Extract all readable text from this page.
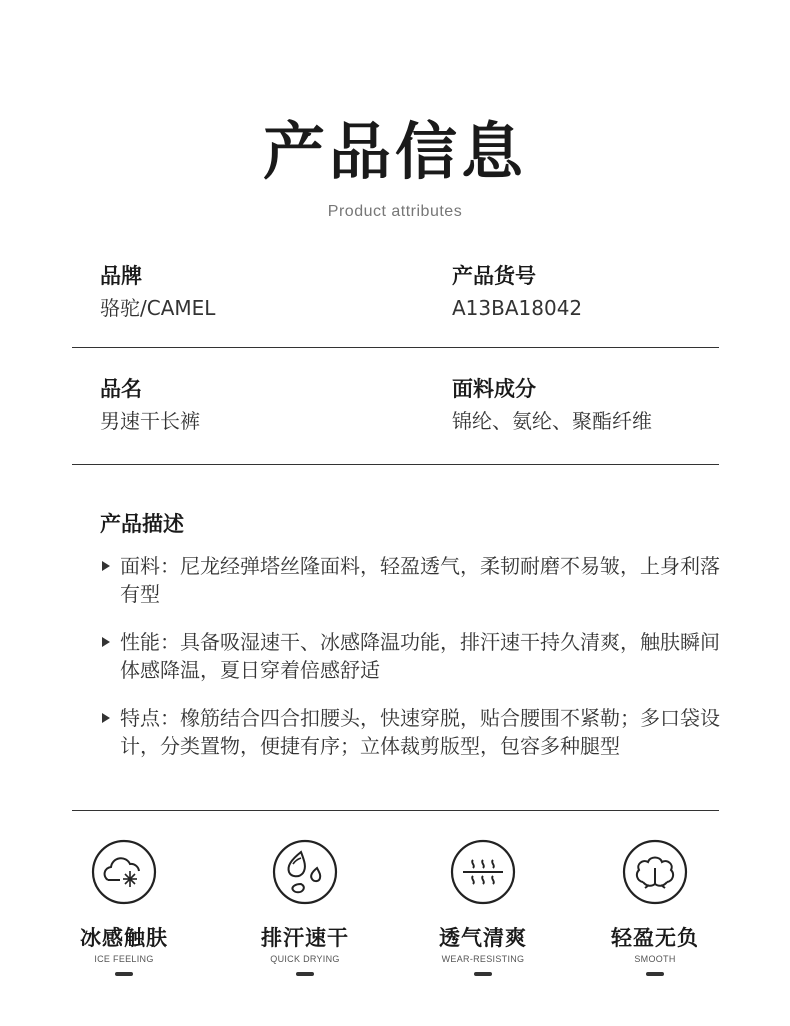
产品信息
Product attributes
品牌
骆驼/CAMEL
产品货号
A13BA18042
品名
男速干长裤
面料成分
锦纶、氨纶、聚酯纤维
产品描述
面料：尼龙经弹塔丝隆面料，轻盈透气，柔韧耐磨不易皱，上身利落有型
性能：具备吸湿速干、冰感降温功能，排汗速干持久清爽，触肤瞬间体感降温，夏日穿着倍感舒适
特点：橡筋结合四合扣腰头，快速穿脱，贴合腰围不紧勒；多口袋设计，分类置物，便捷有序；立体裁剪版型，包容多种腿型
冰感触肤
ICE FEELING
排汗速干
QUICK DRYING
透气清爽
WEAR-RESISTING
轻盈无负
SMOOTH
